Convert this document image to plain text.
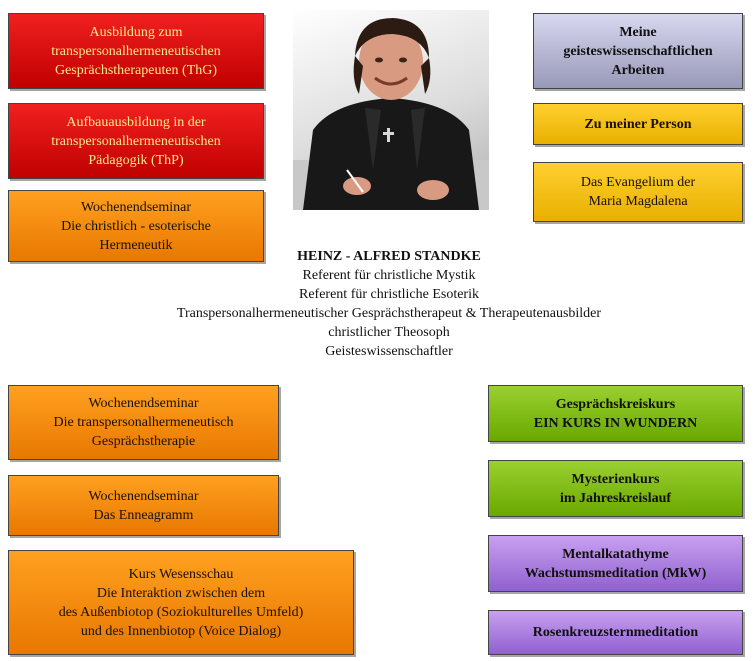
Ausbildung zum
transpersonalhermeneutischen
Gesprächstherapeuten (ThG)
Aufbauausbildung in der
transpersonalhermeneutischen
Pädagogik (ThP)
Wochenendseminar
Die christlich - esoterische
Hermeneutik
Wochenendseminar
Die transpersonalhermeneutisch
Gesprächstherapie
Wochenendseminar
Das Enneagramm
Kurs Wesensschau
Die Interaktion zwischen dem
des Außenbiotop (Soziokulturelles Umfeld)
und des Innenbiotop (Voice Dialog)
HEINZ - ALFRED STANDKE
Referent für christliche Mystik
Referent für christliche Esoterik
Transpersonalhermeneutischer Gesprächstherapeut & Therapeutenausbilder
christlicher Theosoph
Geisteswissenschaftler
Meine
geisteswissenschaftlichen
Arbeiten
Zu meiner Person
Das Evangelium der
Maria Magdalena
Gesprächskreiskurs
EIN KURS IN WUNDERN
Mysterienkurs
im Jahreskreislauf
Mentalkatathyme
Wachstumsmeditation (MkW)
Rosenkreuzsternmeditation
